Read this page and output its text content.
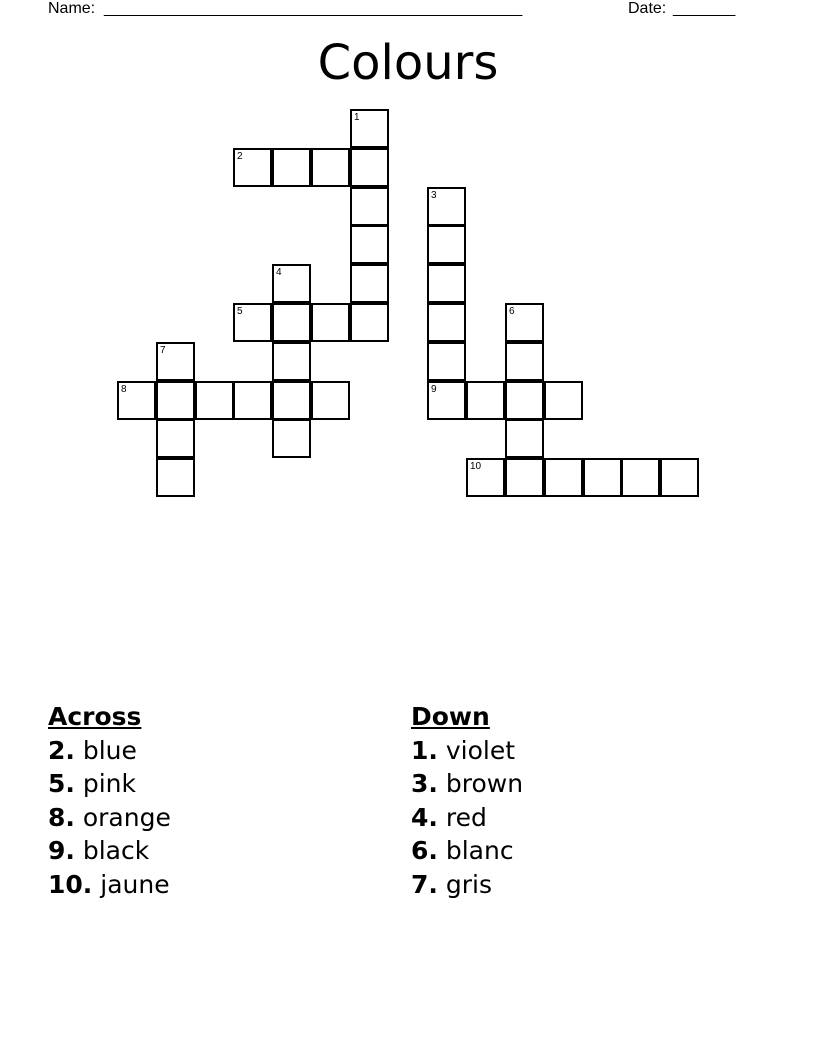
Name: _______________________________________________	Date: _______
Colours
1
2
3
9
4
5	6
7
8
10
Across
2. blue
5. pink
8. orange
9. black
10. jaune
Down
1. violet
3. brown
4. red
6. blanc
7. gris
